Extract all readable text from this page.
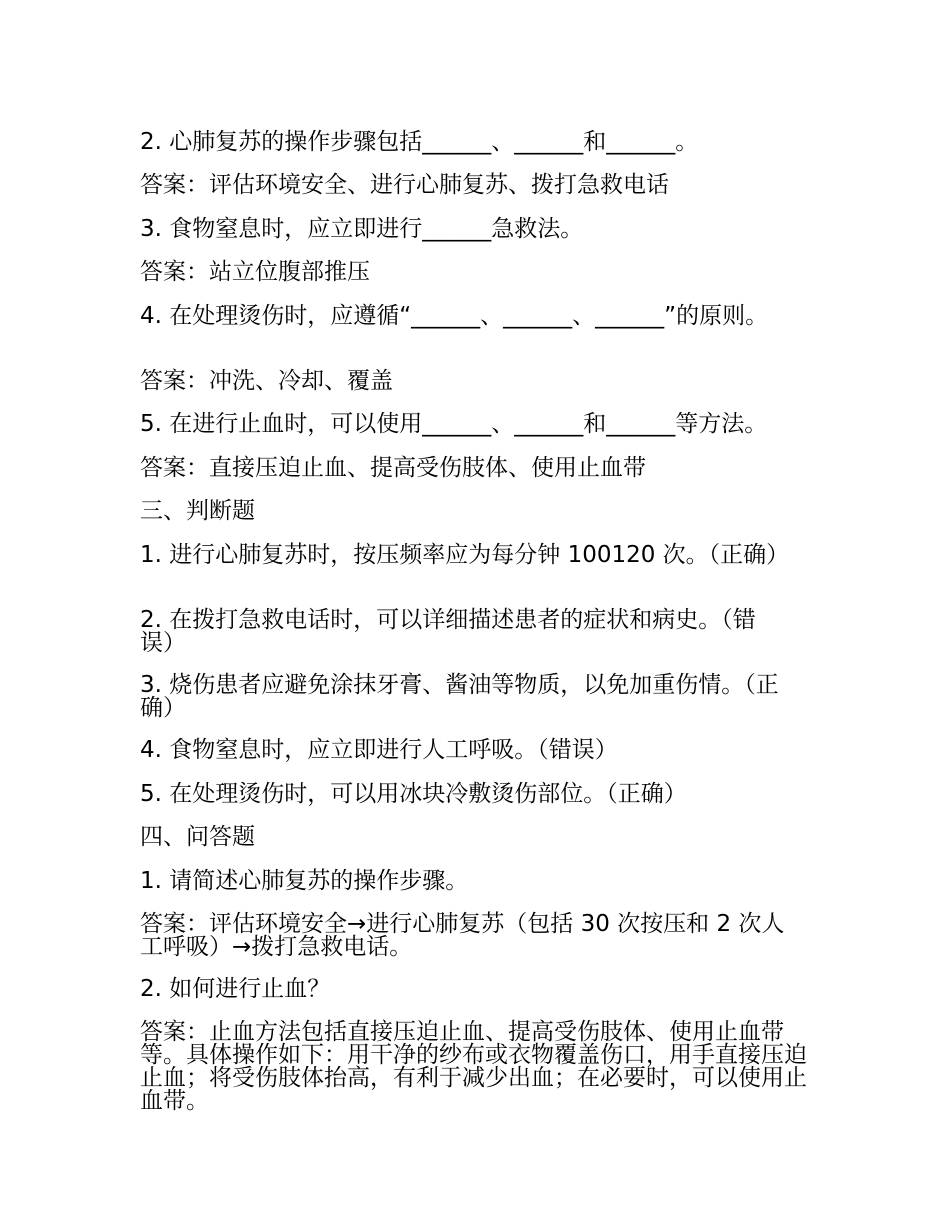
2. 心肺复苏的操作步骤包括______、______和______。
答案：评估环境安全、进行心肺复苏、拨打急救电话
3. 食物窒息时，应立即进行______急救法。
答案：站立位腹部推压
4. 在处理烫伤时，应遵循“______、______、______”的原则。
答案：冲洗、冷却、覆盖
5. 在进行止血时，可以使用______、______和______等方法。
答案：直接压迫止血、提高受伤肢体、使用止血带
三、判断题
1. 进行心肺复苏时，按压频率应为每分钟 100120 次。（正确）
2. 在拨打急救电话时，可以详细描述患者的症状和病史。（错误）
3. 烧伤患者应避免涂抹牙膏、酱油等物质，以免加重伤情。（正确）
4. 食物窒息时，应立即进行人工呼吸。（错误）
5. 在处理烫伤时，可以用冰块冷敷烫伤部位。（正确）
四、问答题
1. 请简述心肺复苏的操作步骤。
答案：评估环境安全→进行心肺复苏（包括 30 次按压和 2 次人工呼吸）→拨打急救电话。
2. 如何进行止血？
答案：止血方法包括直接压迫止血、提高受伤肢体、使用止血带等。具体操作如下：用干净的纱布或衣物覆盖伤口，用手直接压迫止血；将受伤肢体抬高，有利于减少出血；在必要时，可以使用止血带。
